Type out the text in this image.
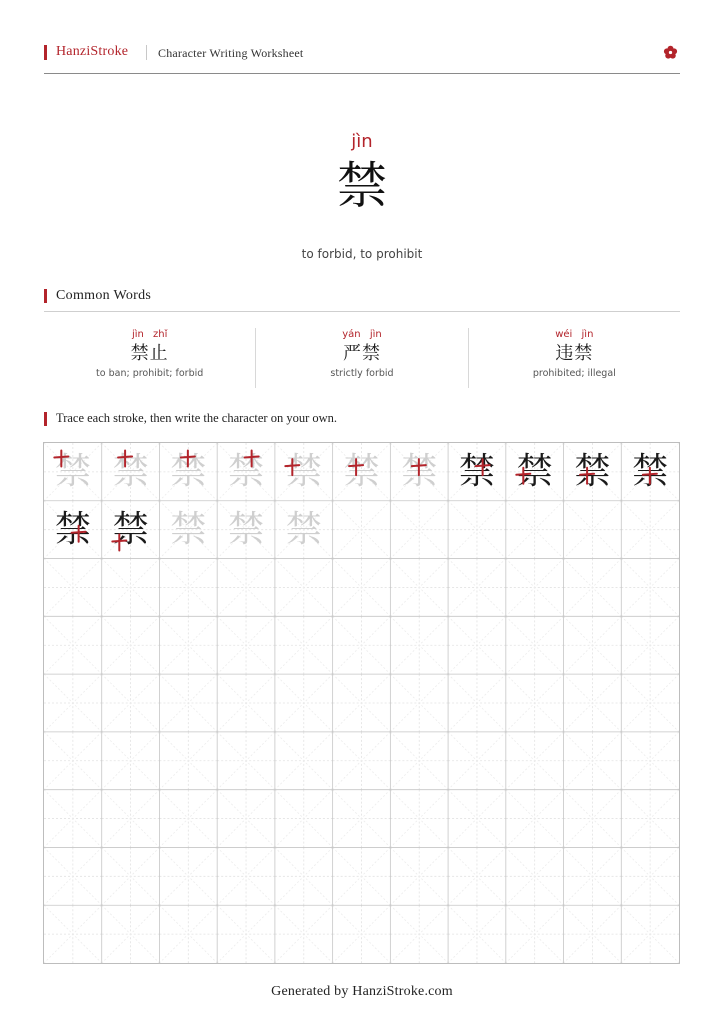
HanziStroke Character Writing Worksheet
jìn
禁
to forbid, to prohibit
Common Words
jìn zhǐ
禁止
to ban; prohibit; forbid
yán jìn
严禁
strictly forbid
wéi jìn
违禁
prohibited; illegal
Trace each stroke, then write the character on your own.
禁 禁 禁 禁 禁 禁 禁 禁 禁 禁 禁
禁 禁 禁 禁 禁
Generated by HanziStroke.com
